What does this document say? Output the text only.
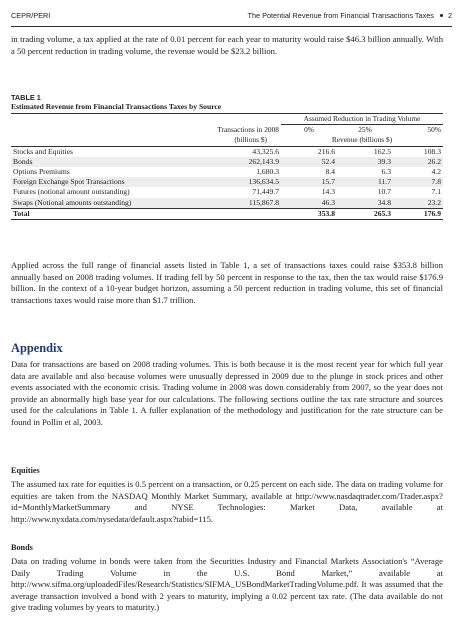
CEPR/PERI	The Potential Revenue from Financial Transactions Taxes 2

in trading volume, a tax applied at the rate of 0.01 percent for each year to maturity would raise $46.3 billion annually. With a 50 percent reduction in trading volume, the revenue would be $23.2 billion.

TABLE 1
Estimated Revenue from Financial Transactions Taxes by Source
		Assumed Reduction in Trading Volume		
	Transactions in 2008	0%	25%	50%
	(billions $)	Revenue (billions $)		
Stocks and Equities	43,325.6	216.6	162.5	108.3
Bonds	262,143.9	52.4	39.3	26.2
Options Premiums	1,680.3	8.4	6.3	4.2
Foreign Exchange Spot Transactions	136,634.5	15.7	11.7	7.8
Futures (notional amount outstanding)	71,449.7	14.3	10.7	7.1
Swaps (Notional amounts outstanding)	115,867.8	46.3	34.8	23.2
Total		353.8	265.3	176.9

Applied across the full range of financial assets listed in Table 1, a set of transactions taxes could raise $353.8 billion annually based on 2008 trading volumes. If trading fell by 50 percent in response to the tax, then the tax would raise $176.9 billion. In the context of a 10-year budget horizon, assuming a 50 percent reduction in trading volume, this set of financial transactions taxes would raise more than $1.7 trillion.

Appendix

Data for transactions are based on 2008 trading volumes. This is both because it is the most recent year for which full year data are available and also because volumes were unusually depressed in 2009 due to the plunge in stock prices and other events associated with the economic crisis. Trading volume in 2008 was down considerably from 2007, so the year does not provide an abnormally high base year for our calculations. The following sections outline the tax rate structure and sources used for the calculations in Table 1. A fuller explanation of the methodology and justification for the rate structure can be found in Pollin et al, 2003.

Equities

The assumed tax rate for equities is 0.5 percent on a transaction, or 0.25 percent on each side. The data on trading volume for equities are taken from the NASDAQ Monthly Market Summary, available at http://www.nasdaqtrader.com/Trader.aspx?id=MonthlyMarketSummary and NYSE Technologies: Market Data, available at http://www.nyxdata.com/nysedata/default.aspx?tabid=115.

Bonds

Data on trading volume in bonds were taken from the Securities Industry and Financial Markets Association's “Average Daily Trading Volume in the U.S. Bond Market,” available at http://www.sifma.org/uploadedFiles/Research/Statistics/SIFMA_USBondMarketTradingVolume.pdf. It was assumed that the average transaction involved a bond with 2 years to maturity, implying a 0.02 percent tax rate. (The data available do not give trading volumes by years to maturity.)
